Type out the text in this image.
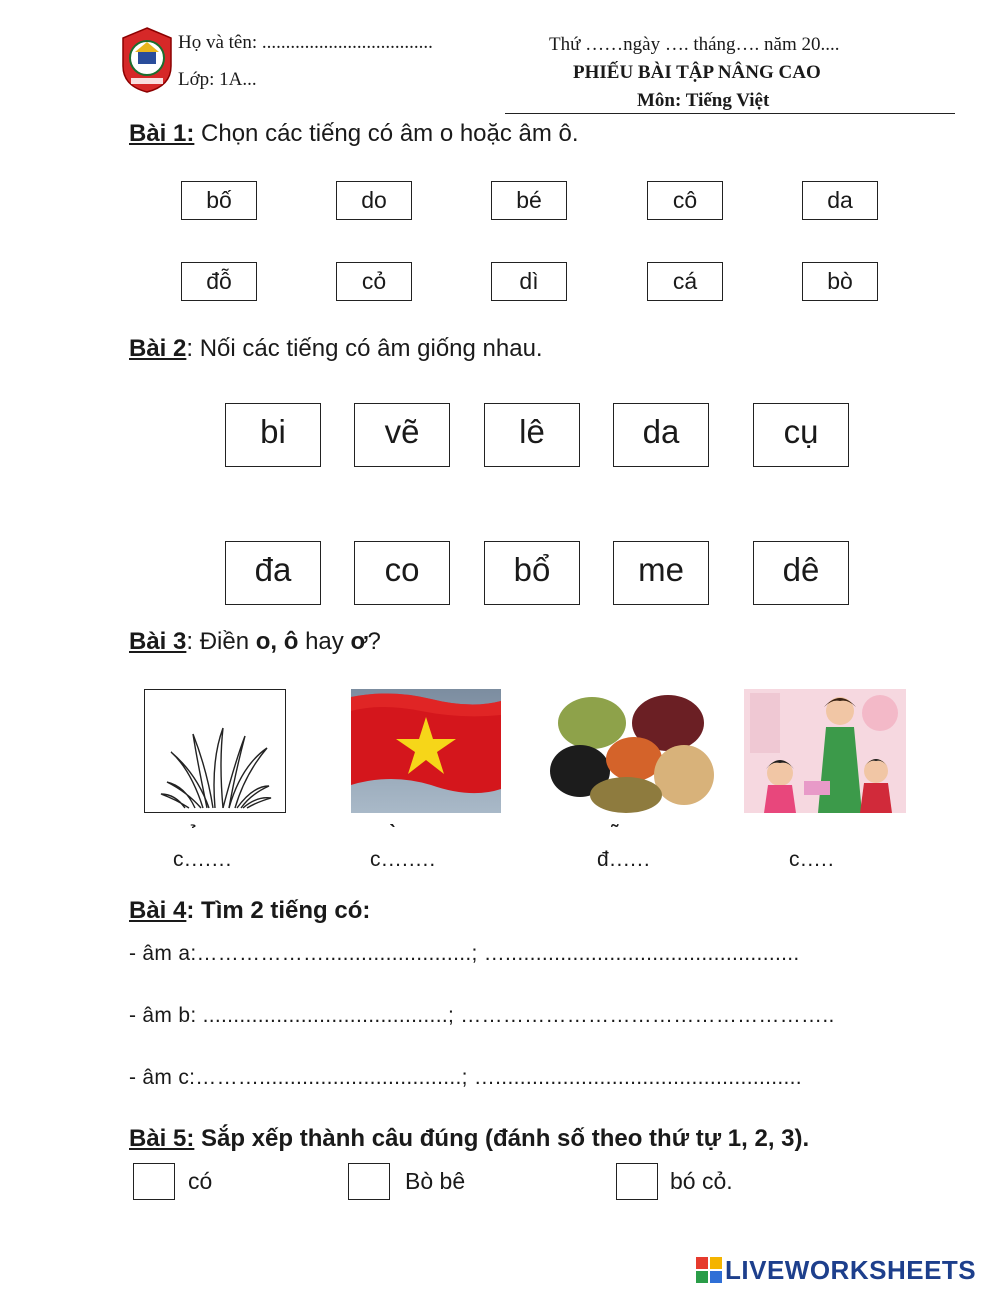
Họ và tên: ....................................
Lớp: 1A...
Thứ ……ngày …. tháng…. năm 20....
PHIẾU BÀI TẬP NÂNG CAO
Môn: Tiếng Việt
Bài 1: Chọn các tiếng có âm o hoặc âm ô.
bố	do	bé	cô	da
đỗ	cỏ	dì	cá	bò
Bài 2: Nối các tiếng có âm giống nhau.
bi	vẽ	lê	da	cụ
đa	co	bổ	me	dê
Bài 3: Điền o, ô hay ơ?
c.......	c........	đ......	c.....
Bài 4: Tìm 2 tiếng có:
- âm a:………………........................; …................................................
- âm b: ........................................; ……………………………………………..
- âm c:……….................................; …..................................................
Bài 5: Sắp xếp thành câu đúng (đánh số theo thứ tự 1, 2, 3).
có	Bò bê	bó cỏ.
LIVEWORKSHEETS
